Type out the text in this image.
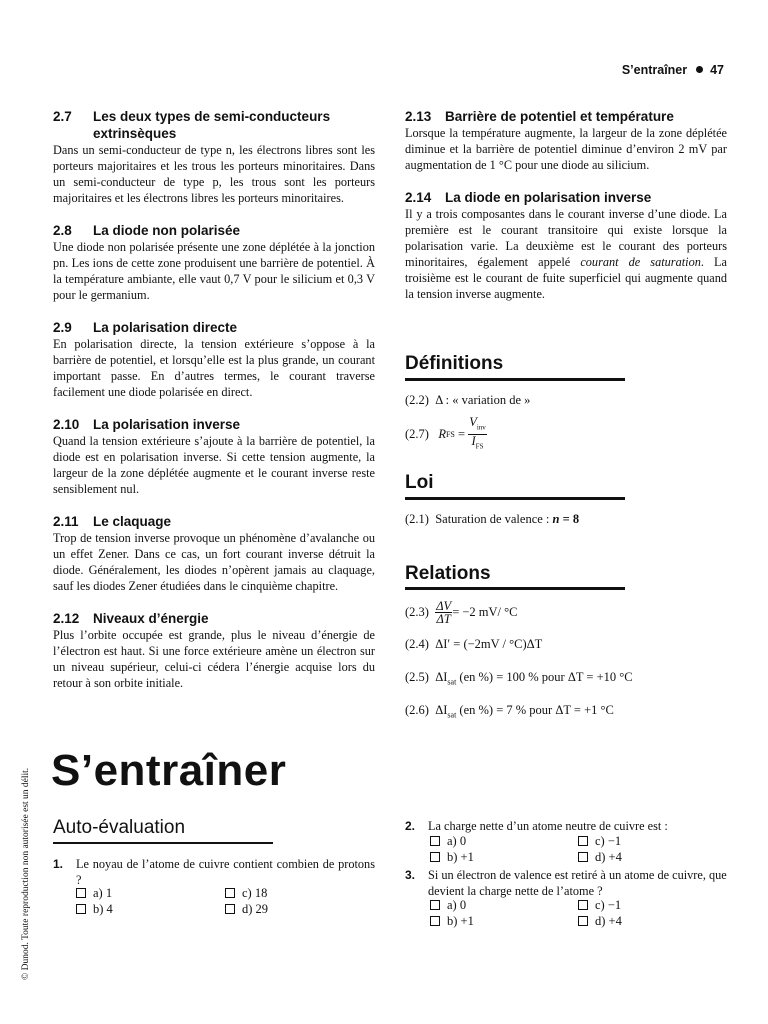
S’entraîner 47
© Dunod. Toute reproduction non autorisée est un délit.
2.7 Les deux types de semi-conducteurs
extrinsèques

Dans un semi-conducteur de type n, les électrons libres sont les porteurs majoritaires et les trous les porteurs minoritaires. Dans un semi-conducteur de type p, les trous sont les porteurs majoritaires et les électrons libres les porteurs minoritaires.

2.8 La diode non polarisée

Une diode non polarisée présente une zone déplétée à la jonction pn. Les ions de cette zone produisent une barrière de potentiel. À la température ambiante, elle vaut 0,7 V pour le silicium et 0,3 V pour le germanium.

2.9 La polarisation directe

En polarisation directe, la tension extérieure s’oppose à la barrière de potentiel, et lorsqu’elle est la plus grande, un courant important passe. En d’autres termes, le courant traverse facilement une diode polarisée en direct.

2.10 La polarisation inverse

Quand la tension extérieure s’ajoute à la barrière de potentiel, la diode est en polarisation inverse. Si cette tension augmente, la largeur de la zone déplétée augmente et le courant inverse reste sensiblement nul.

2.11 Le claquage

Trop de tension inverse provoque un phénomène d’avalanche ou un effet Zener. Dans ce cas, un fort courant inverse détruit la diode. Généralement, les diodes n’opèrent jamais au claquage, sauf les diodes Zener étudiées dans le cinquième chapitre.

2.12 Niveaux d’énergie

Plus l’orbite occupée est grande, plus le niveau d’énergie de l’électron est haut. Si une force extérieure amène un électron sur un niveau supérieur, celui-ci cédera l’énergie acquise lors du retour à son orbite initiale.

2.13 Barrière de potentiel et température

Lorsque la température augmente, la largeur de la zone déplétée diminue et la barrière de potentiel diminue d’environ 2 mV par augmentation de 1 °C pour une diode au silicium.

2.14 La diode en polarisation inverse

Il y a trois composantes dans le courant inverse d’une diode. La première est le courant transitoire qui existe lorsque la polarisation varie. La deuxième est le courant des porteurs minoritaires, également appelé courant de saturation. La troisième est le courant de fuite superficiel qui augmente quand la tension inverse augmente.

Définitions
(2.2) Δ : « variation de »
(2.7)
R FS = $\frac{V_{inv}}{I_{FS}}$
Loi
(2.1) Saturation de valence : n = 8
Relations
(2.3)
$\frac{\Delta V}{\Delta T} = -2$ mV/ °C
(2.4) ΔI′ = (−2mV / °C)ΔT
(2.5) $\Delta I_{sat}$ (en %) = 100 % pour ΔT = +10 °C
(2.6) $\Delta I_{sat}$ (en %) = 7 % pour ΔT = +1 °C
S’entraîner
Auto-évaluation
1.	Le noyau de l’atome de cuivre contient combien de protons ?
a) 1
b) 4
c) 18
d) 29
2.	La charge nette d’un atome neutre de cuivre est :
a) 0
b) +1
c) −1
d) +4
3.	Si un électron de valence est retiré à un atome de cuivre, que devient la charge nette de l’atome ?
a) 0
b) +1
c) −1
d) +4
